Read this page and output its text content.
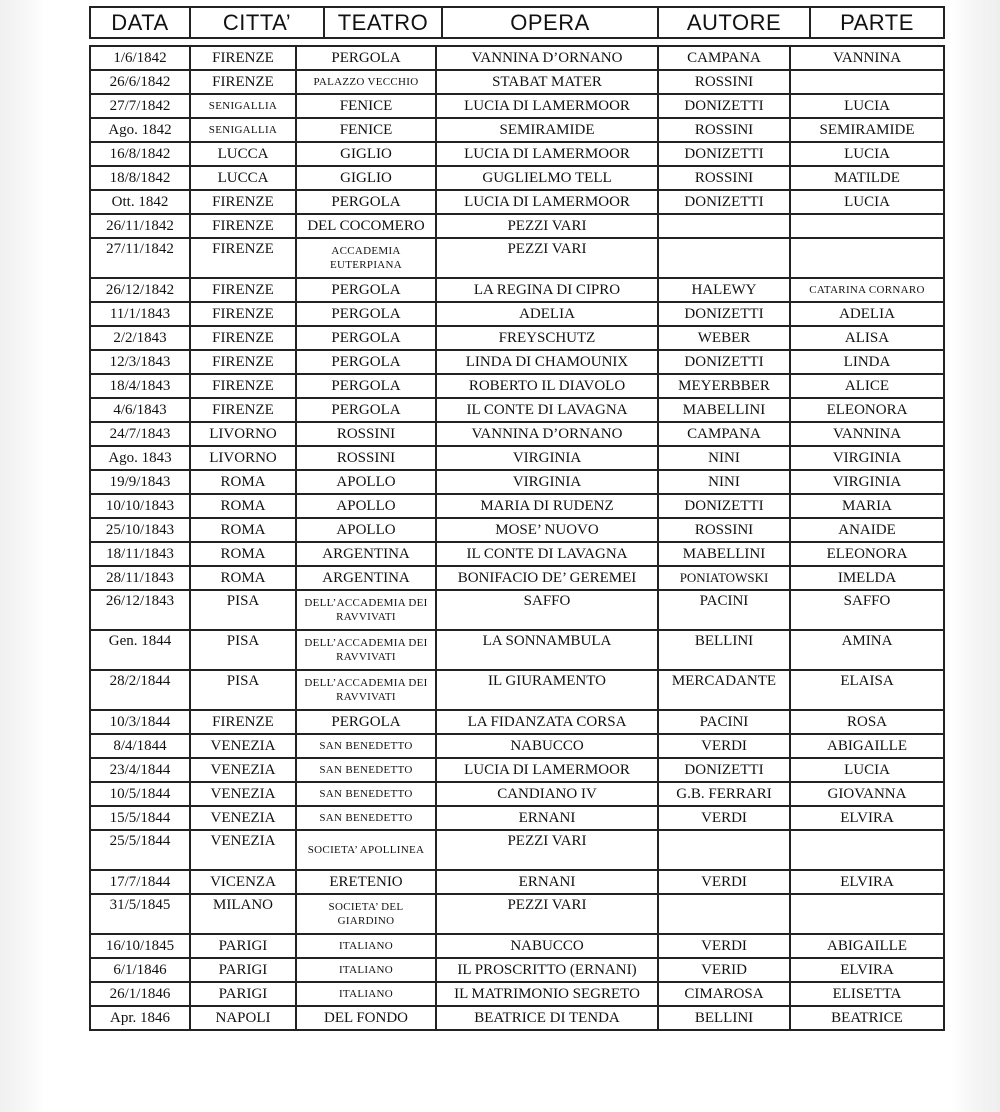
DATA	CITTA’	TEATRO	OPERA	AUTORE	PARTE
1/6/1842	FIRENZE	PERGOLA	VANNINA D’ORNANO	CAMPANA	VANNINA
26/6/1842	FIRENZE	PALAZZO VECCHIO	STABAT MATER	ROSSINI	
27/7/1842	SENIGALLIA	FENICE	LUCIA DI LAMERMOOR	DONIZETTI	LUCIA
Ago. 1842	SENIGALLIA	FENICE	SEMIRAMIDE	ROSSINI	SEMIRAMIDE
16/8/1842	LUCCA	GIGLIO	LUCIA DI LAMERMOOR	DONIZETTI	LUCIA
18/8/1842	LUCCA	GIGLIO	GUGLIELMO TELL	ROSSINI	MATILDE
Ott. 1842	FIRENZE	PERGOLA	LUCIA DI LAMERMOOR	DONIZETTI	LUCIA
26/11/1842	FIRENZE	DEL COCOMERO	PEZZI VARI		
27/11/1842	FIRENZE	ACCADEMIA EUTERPIANA	PEZZI VARI		
26/12/1842	FIRENZE	PERGOLA	LA REGINA DI CIPRO	HALEWY	CATARINA CORNARO
11/1/1843	FIRENZE	PERGOLA	ADELIA	DONIZETTI	ADELIA
2/2/1843	FIRENZE	PERGOLA	FREYSCHUTZ	WEBER	ALISA
12/3/1843	FIRENZE	PERGOLA	LINDA DI CHAMOUNIX	DONIZETTI	LINDA
18/4/1843	FIRENZE	PERGOLA	ROBERTO IL DIAVOLO	MEYERBBER	ALICE
4/6/1843	FIRENZE	PERGOLA	IL CONTE DI LAVAGNA	MABELLINI	ELEONORA
24/7/1843	LIVORNO	ROSSINI	VANNINA D’ORNANO	CAMPANA	VANNINA
Ago. 1843	LIVORNO	ROSSINI	VIRGINIA	NINI	VIRGINIA
19/9/1843	ROMA	APOLLO	VIRGINIA	NINI	VIRGINIA
10/10/1843	ROMA	APOLLO	MARIA DI RUDENZ	DONIZETTI	MARIA
25/10/1843	ROMA	APOLLO	MOSE’ NUOVO	ROSSINI	ANAIDE
18/11/1843	ROMA	ARGENTINA	IL CONTE DI LAVAGNA	MABELLINI	ELEONORA
28/11/1843	ROMA	ARGENTINA	BONIFACIO DE’ GEREMEI	PONIATOWSKI	IMELDA
26/12/1843	PISA	DELL’ACCADEMIA DEI RAVVIVATI	SAFFO	PACINI	SAFFO
Gen. 1844	PISA	DELL’ACCADEMIA DEI RAVVIVATI	LA SONNAMBULA	BELLINI	AMINA
28/2/1844	PISA	DELL’ACCADEMIA DEI RAVVIVATI	IL GIURAMENTO	MERCADANTE	ELAISA
10/3/1844	FIRENZE	PERGOLA	LA FIDANZATA CORSA	PACINI	ROSA
8/4/1844	VENEZIA	SAN BENEDETTO	NABUCCO	VERDI	ABIGAILLE
23/4/1844	VENEZIA	SAN BENEDETTO	LUCIA DI LAMERMOOR	DONIZETTI	LUCIA
10/5/1844	VENEZIA	SAN BENEDETTO	CANDIANO IV	G.B. FERRARI	GIOVANNA
15/5/1844	VENEZIA	SAN BENEDETTO	ERNANI	VERDI	ELVIRA
25/5/1844	VENEZIA	SOCIETA’ APOLLINEA	PEZZI VARI		
17/7/1844	VICENZA	ERETENIO	ERNANI	VERDI	ELVIRA
31/5/1845	MILANO	SOCIETA’ DEL GIARDINO	PEZZI VARI		
16/10/1845	PARIGI	ITALIANO	NABUCCO	VERDI	ABIGAILLE
6/1/1846	PARIGI	ITALIANO	IL PROSCRITTO (ERNANI)	VERID	ELVIRA
26/1/1846	PARIGI	ITALIANO	IL MATRIMONIO SEGRETO	CIMAROSA	ELISETTA
Apr. 1846	NAPOLI	DEL FONDO	BEATRICE DI TENDA	BELLINI	BEATRICE
